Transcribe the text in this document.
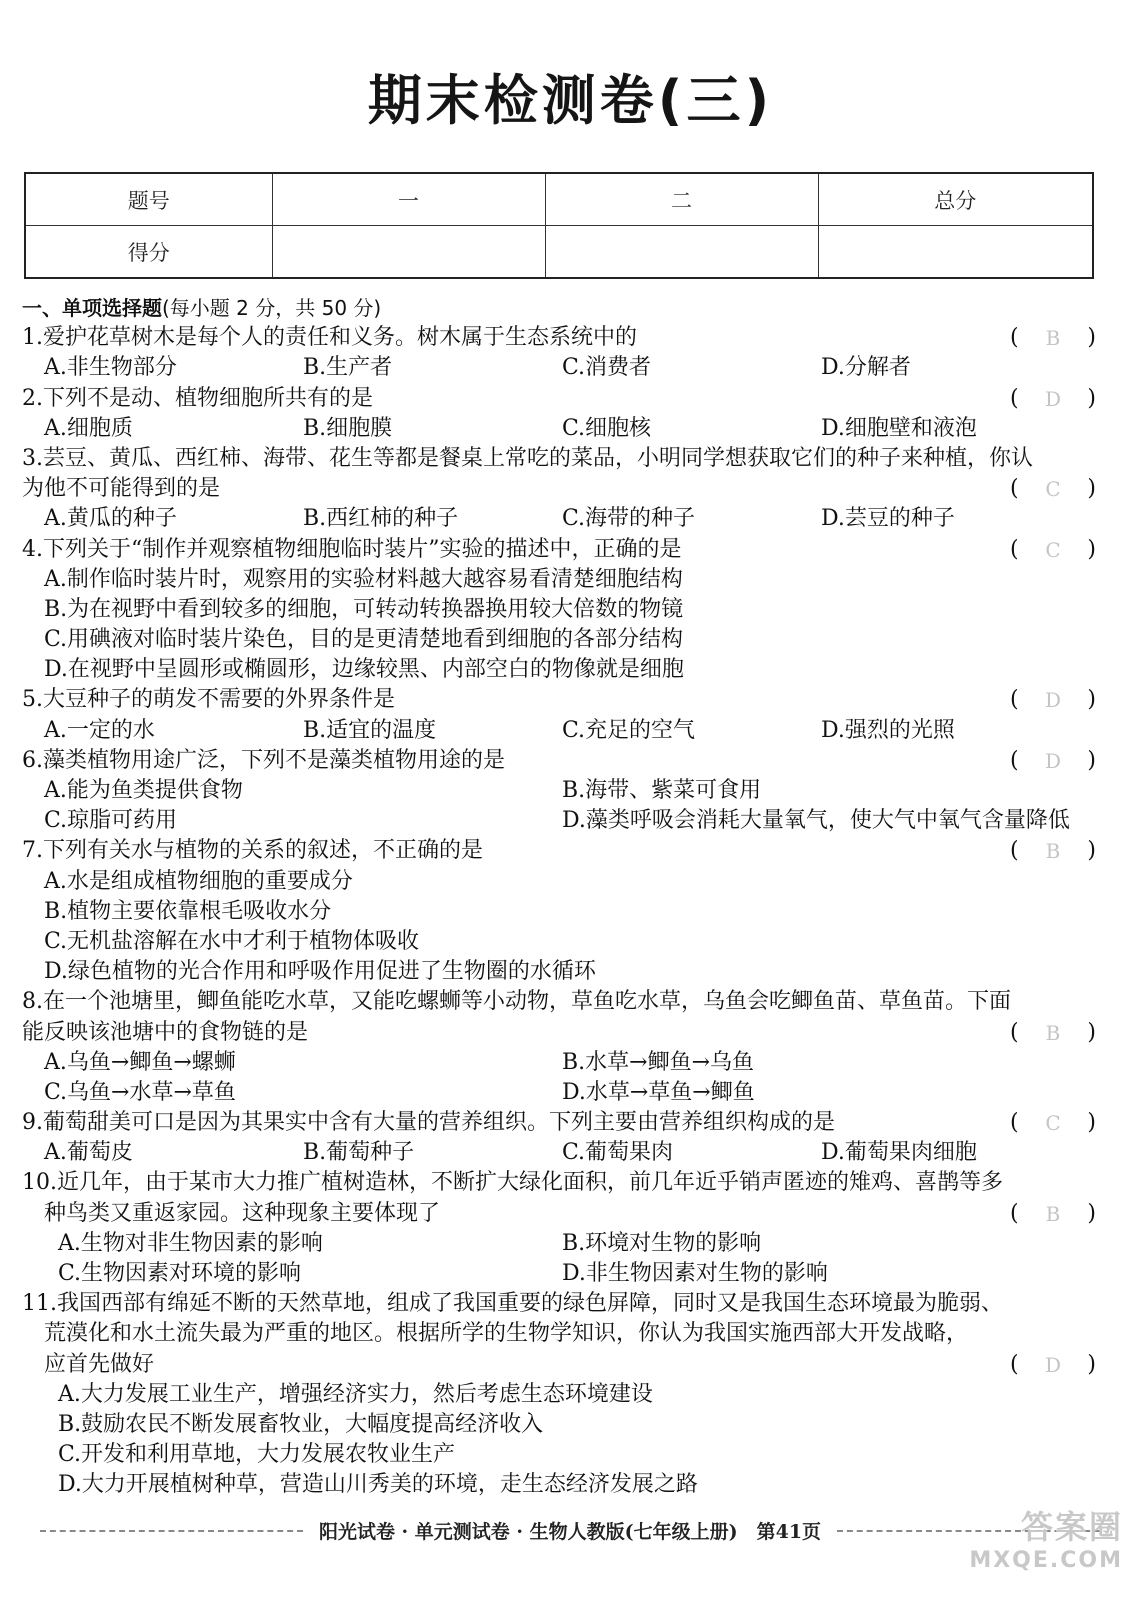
期末检测卷(三)
题号	一	二	总分
得分			
一、单项选择题(每小题 2 分，共 50 分)
1.爱护花草树木是每个人的责任和义务。树木属于生态系统中的	( B )
A.非生物部分	B.生产者	C.消费者	D.分解者
2.下列不是动、植物细胞所共有的是	( D )
A.细胞质	B.细胞膜	C.细胞核	D.细胞壁和液泡
3.芸豆、黄瓜、西红柿、海带、花生等都是餐桌上常吃的菜品，小明同学想获取它们的种子来种植，你认
为他不可能得到的是	( C )
A.黄瓜的种子	B.西红柿的种子	C.海带的种子	D.芸豆的种子
4.下列关于“制作并观察植物细胞临时装片”实验的描述中，正确的是	( C )
A.制作临时装片时，观察用的实验材料越大越容易看清楚细胞结构
B.为在视野中看到较多的细胞，可转动转换器换用较大倍数的物镜
C.用碘液对临时装片染色，目的是更清楚地看到细胞的各部分结构
D.在视野中呈圆形或椭圆形，边缘较黑、内部空白的物像就是细胞
5.大豆种子的萌发不需要的外界条件是	( D )
A.一定的水	B.适宜的温度	C.充足的空气	D.强烈的光照
6.藻类植物用途广泛，下列不是藻类植物用途的是	( D )
A.能为鱼类提供食物	B.海带、紫菜可食用
C.琼脂可药用	D.藻类呼吸会消耗大量氧气，使大气中氧气含量降低
7.下列有关水与植物的关系的叙述，不正确的是	( B )
A.水是组成植物细胞的重要成分
B.植物主要依靠根毛吸收水分
C.无机盐溶解在水中才利于植物体吸收
D.绿色植物的光合作用和呼吸作用促进了生物圈的水循环
8.在一个池塘里，鲫鱼能吃水草，又能吃螺蛳等小动物，草鱼吃水草，乌鱼会吃鲫鱼苗、草鱼苗。下面
能反映该池塘中的食物链的是	( B )
A.乌鱼→鲫鱼→螺蛳	B.水草→鲫鱼→乌鱼
C.乌鱼→水草→草鱼	D.水草→草鱼→鲫鱼
9.葡萄甜美可口是因为其果实中含有大量的营养组织。下列主要由营养组织构成的是	( C )
A.葡萄皮	B.葡萄种子	C.葡萄果肉	D.葡萄果肉细胞
10.近几年，由于某市大力推广植树造林，不断扩大绿化面积，前几年近乎销声匿迹的雉鸡、喜鹊等多
种鸟类又重返家园。这种现象主要体现了	( B )
A.生物对非生物因素的影响	B.环境对生物的影响
C.生物因素对环境的影响	D.非生物因素对生物的影响
11.我国西部有绵延不断的天然草地，组成了我国重要的绿色屏障，同时又是我国生态环境最为脆弱、
荒漠化和水土流失最为严重的地区。根据所学的生物学知识，你认为我国实施西部大开发战略，
应首先做好	( D )
A.大力发展工业生产，增强经济实力，然后考虑生态环境建设
B.鼓励农民不断发展畜牧业，大幅度提高经济收入
C.开发和利用草地，大力发展农牧业生产
D.大力开展植树种草，营造山川秀美的环境，走生态经济发展之路
阳光试卷 · 单元测试卷 · 生物人教版(七年级上册)　第41页	答案圈
MXQE.COM
